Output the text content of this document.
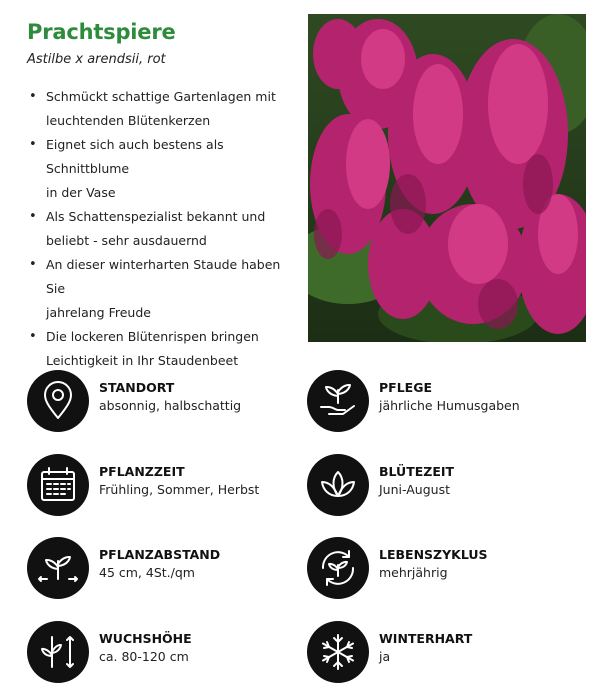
Prachtspiere
Astilbe x arendsii, rot
• Schmückt schattige Gartenlagen mit
leuchtenden Blütenkerzen
• Eignet sich auch bestens als Schnittblume
in der Vase
• Als Schattenspezialist bekannt und
beliebt - sehr ausdauernd
• An dieser winterharten Staude haben Sie
jahrelang Freude
• Die lockeren Blütenrispen bringen
Leichtigkeit in Ihr Staudenbeet
STANDORT
absonnig, halbschattig
PFLEGE
jährliche Humusgaben
PFLANZZEIT
Frühling, Sommer, Herbst
BLÜTEZEIT
Juni-August
PFLANZABSTAND
45 cm, 4St./qm
LEBENSZYKLUS
mehrjährig
WUCHSHÖHE
ca. 80-120 cm
WINTERHART
ja
